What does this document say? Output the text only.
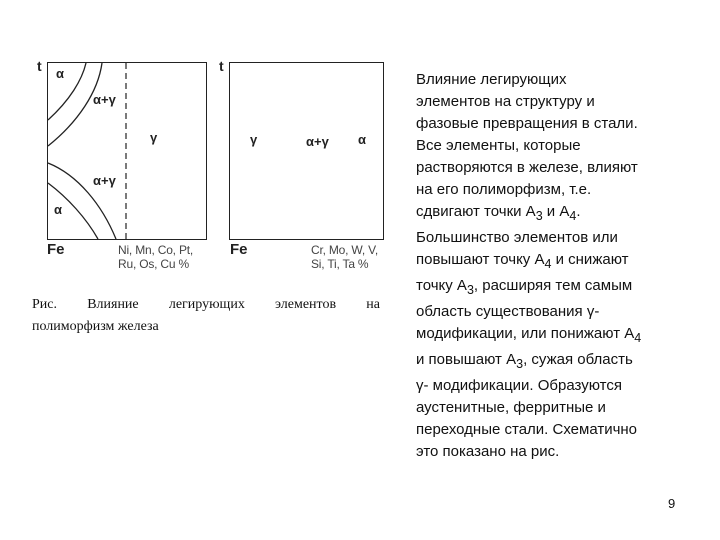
t
Fe
α
α+γ
γ
α+γ
α
Ni, Mn, Co, Pt,
Ru, Os, Cu %
t
Fe
γ	α+γ α
Cr, Mo, W, V,
Si, Ti, Ta %
Рис. Влияние легирующих элементов на
полиморфизм железа
Влияние легирующих
элементов на структуру и
фазовые превращения в стали.
Все элементы, которые
растворяются в железе, влияют
на его полиморфизм, т.е.
сдвигают точки $А_3$ и $А_4$.
Большинство элементов или
повышают точку $А_4$ и снижают
точку $А_3$, расширяя тем самым
область существования γ-
модификации, или понижают $А_4$
и повышают $А_3$, сужая область
γ- модификации. Образуются
аустенитные, ферритные и
переходные стали. Схематично
это показано на рис.
9
